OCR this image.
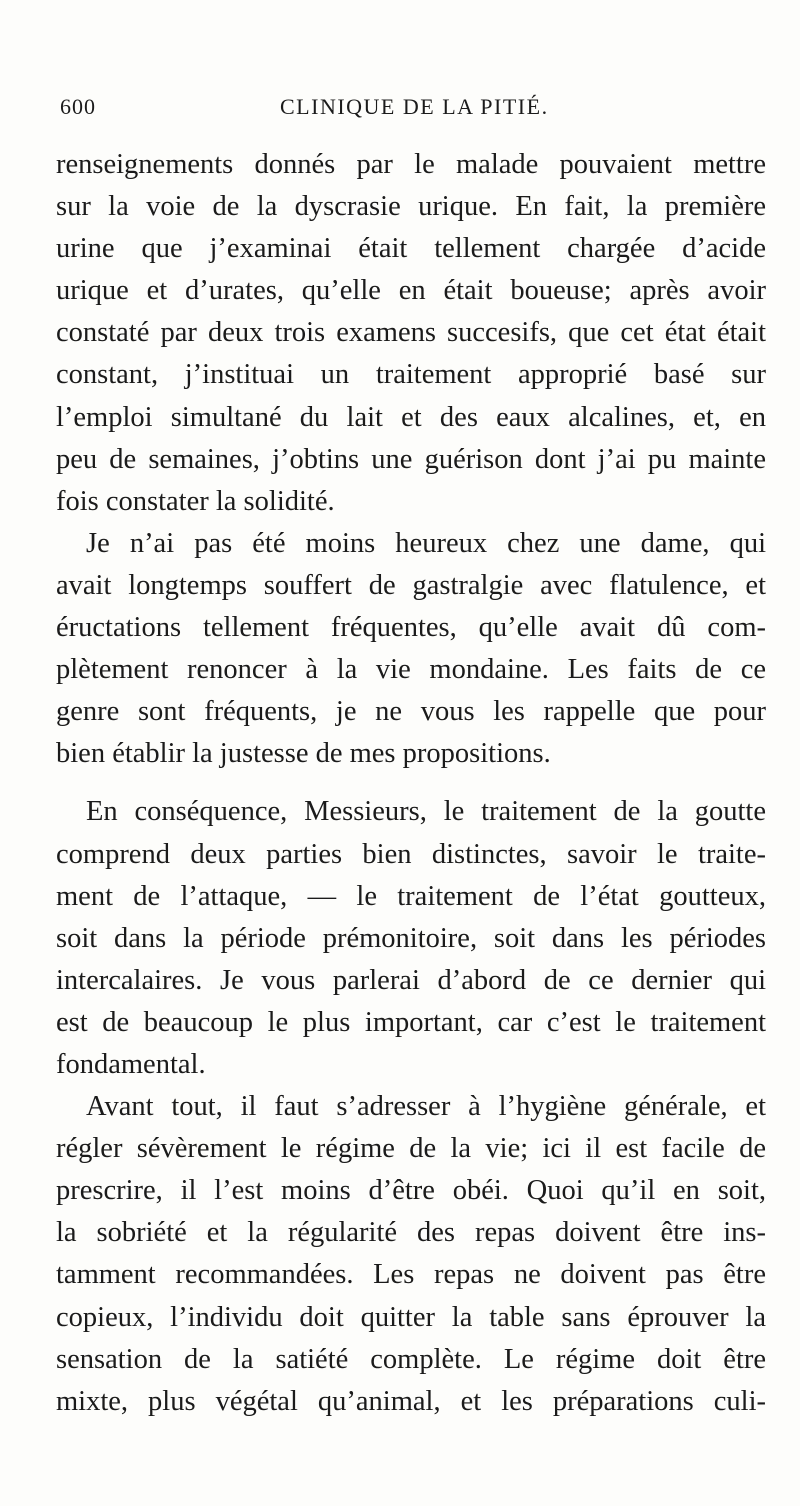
600	CLINIQUE DE LA PITIÉ.
renseignements donnés par le malade pouvaient mettre
sur la voie de la dyscrasie urique. En fait, la première
urine que j’examinai était tellement chargée d’acide
urique et d’urates, qu’elle en était boueuse; après avoir
constaté par deux trois examens succesifs, que cet état était
constant, j’instituai un traitement approprié basé sur
l’emploi simultané du lait et des eaux alcalines, et, en
peu de semaines, j’obtins une guérison dont j’ai pu mainte
fois constater la solidité.
Je n’ai pas été moins heureux chez une dame, qui
avait longtemps souffert de gastralgie avec flatulence, et
éructations tellement fréquentes, qu’elle avait dû com-
plètement renoncer à la vie mondaine. Les faits de ce
genre sont fréquents, je ne vous les rappelle que pour
bien établir la justesse de mes propositions.
En conséquence, Messieurs, le traitement de la goutte
comprend deux parties bien distinctes, savoir le traite-
ment de l’attaque, — le traitement de l’état goutteux,
soit dans la période prémonitoire, soit dans les périodes
intercalaires. Je vous parlerai d’abord de ce dernier qui
est de beaucoup le plus important, car c’est le traitement
fondamental.
Avant tout, il faut s’adresser à l’hygiène générale, et
régler sévèrement le régime de la vie; ici il est facile de
prescrire, il l’est moins d’être obéi. Quoi qu’il en soit,
la sobriété et la régularité des repas doivent être ins-
tamment recommandées. Les repas ne doivent pas être
copieux, l’individu doit quitter la table sans éprouver la
sensation de la satiété complète. Le régime doit être
mixte, plus végétal qu’animal, et les préparations culi-
